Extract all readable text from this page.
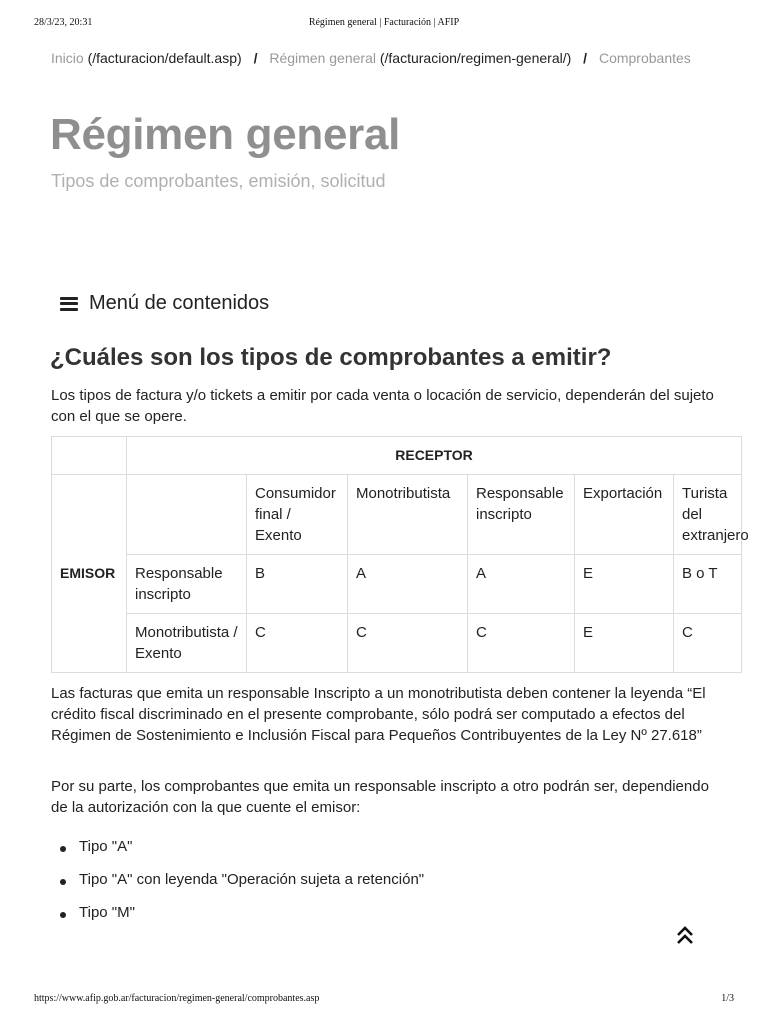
28/3/23, 20:31	Régimen general | Facturación | AFIP
Inicio (/facturacion/default.asp) / Régimen general (/facturacion/regimen-general/) / Comprobantes
Régimen general
Tipos de comprobantes, emisión, solicitud
Menú de contenidos
¿Cuáles son los tipos de comprobantes a emitir?

Los tipos de factura y/o tickets a emitir por cada venta o locación de servicio, dependerán del sujeto con el que se opere.

	RECEPTOR					
EMISOR		Consumidor final / Exento	Monotributista	Responsable inscripto	Exportación	Turista del extranjero
	Responsable inscripto	B	A	A	E	B o T
	Monotributista / Exento	C	C	C	E	C

Las facturas que emita un responsable Inscripto a un monotributista deben contener la leyenda “El crédito fiscal discriminado en el presente comprobante, sólo podrá ser computado a efectos del Régimen de Sostenimiento e Inclusión Fiscal para Pequeños Contribuyentes de la Ley Nº 27.618”

Por su parte, los comprobantes que emita un responsable inscripto a otro podrán ser, dependiendo de la autorización con la que cuente el emisor:

Tipo "A"
Tipo "A" con leyenda "Operación sujeta a retención"
Tipo "M"
https://www.afip.gob.ar/facturacion/regimen-general/comprobantes.asp	1/3
